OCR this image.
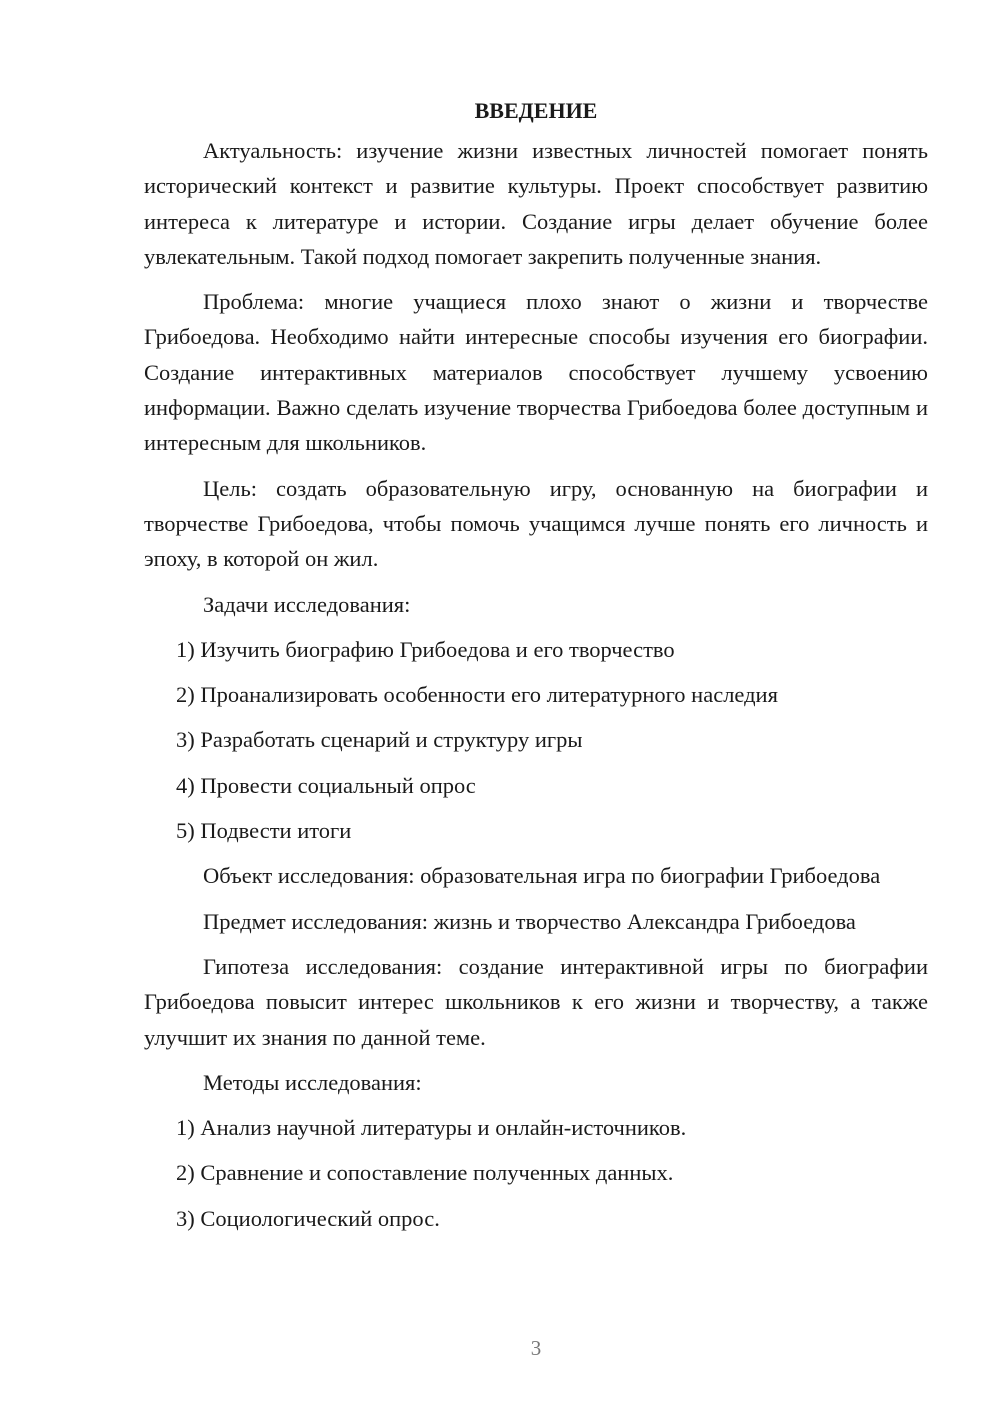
ВВЕДЕНИЕ

Актуальность: изучение жизни известных личностей помогает понять исторический контекст и развитие культуры. Проект способствует развитию интереса к литературе и истории. Создание игры делает обучение более увлекательным. Такой подход помогает закрепить полученные знания.

Проблема: многие учащиеся плохо знают о жизни и творчестве Грибоедова. Необходимо найти интересные способы изучения его биографии. Создание интерактивных материалов способствует лучшему усвоению информации. Важно сделать изучение творчества Грибоедова более доступным и интересным для школьников.

Цель: создать образовательную игру, основанную на биографии и творчестве Грибоедова, чтобы помочь учащимся лучше понять его личность и эпоху, в которой он жил.

Задачи исследования:
1) Изучить биографию Грибоедова и его творчество
2) Проанализировать особенности его литературного наследия
3) Разработать сценарий и структуру игры
4) Провести социальный опрос
5) Подвести итоги

Объект исследования: образовательная игра по биографии Грибоедова

Предмет исследования: жизнь и творчество Александра Грибоедова

Гипотеза исследования: создание интерактивной игры по биографии Грибоедова повысит интерес школьников к его жизни и творчеству, а также улучшит их знания по данной теме.

Методы исследования:
1) Анализ научной литературы и онлайн-источников.
2) Сравнение и сопоставление полученных данных.
3) Социологический опрос.
3
